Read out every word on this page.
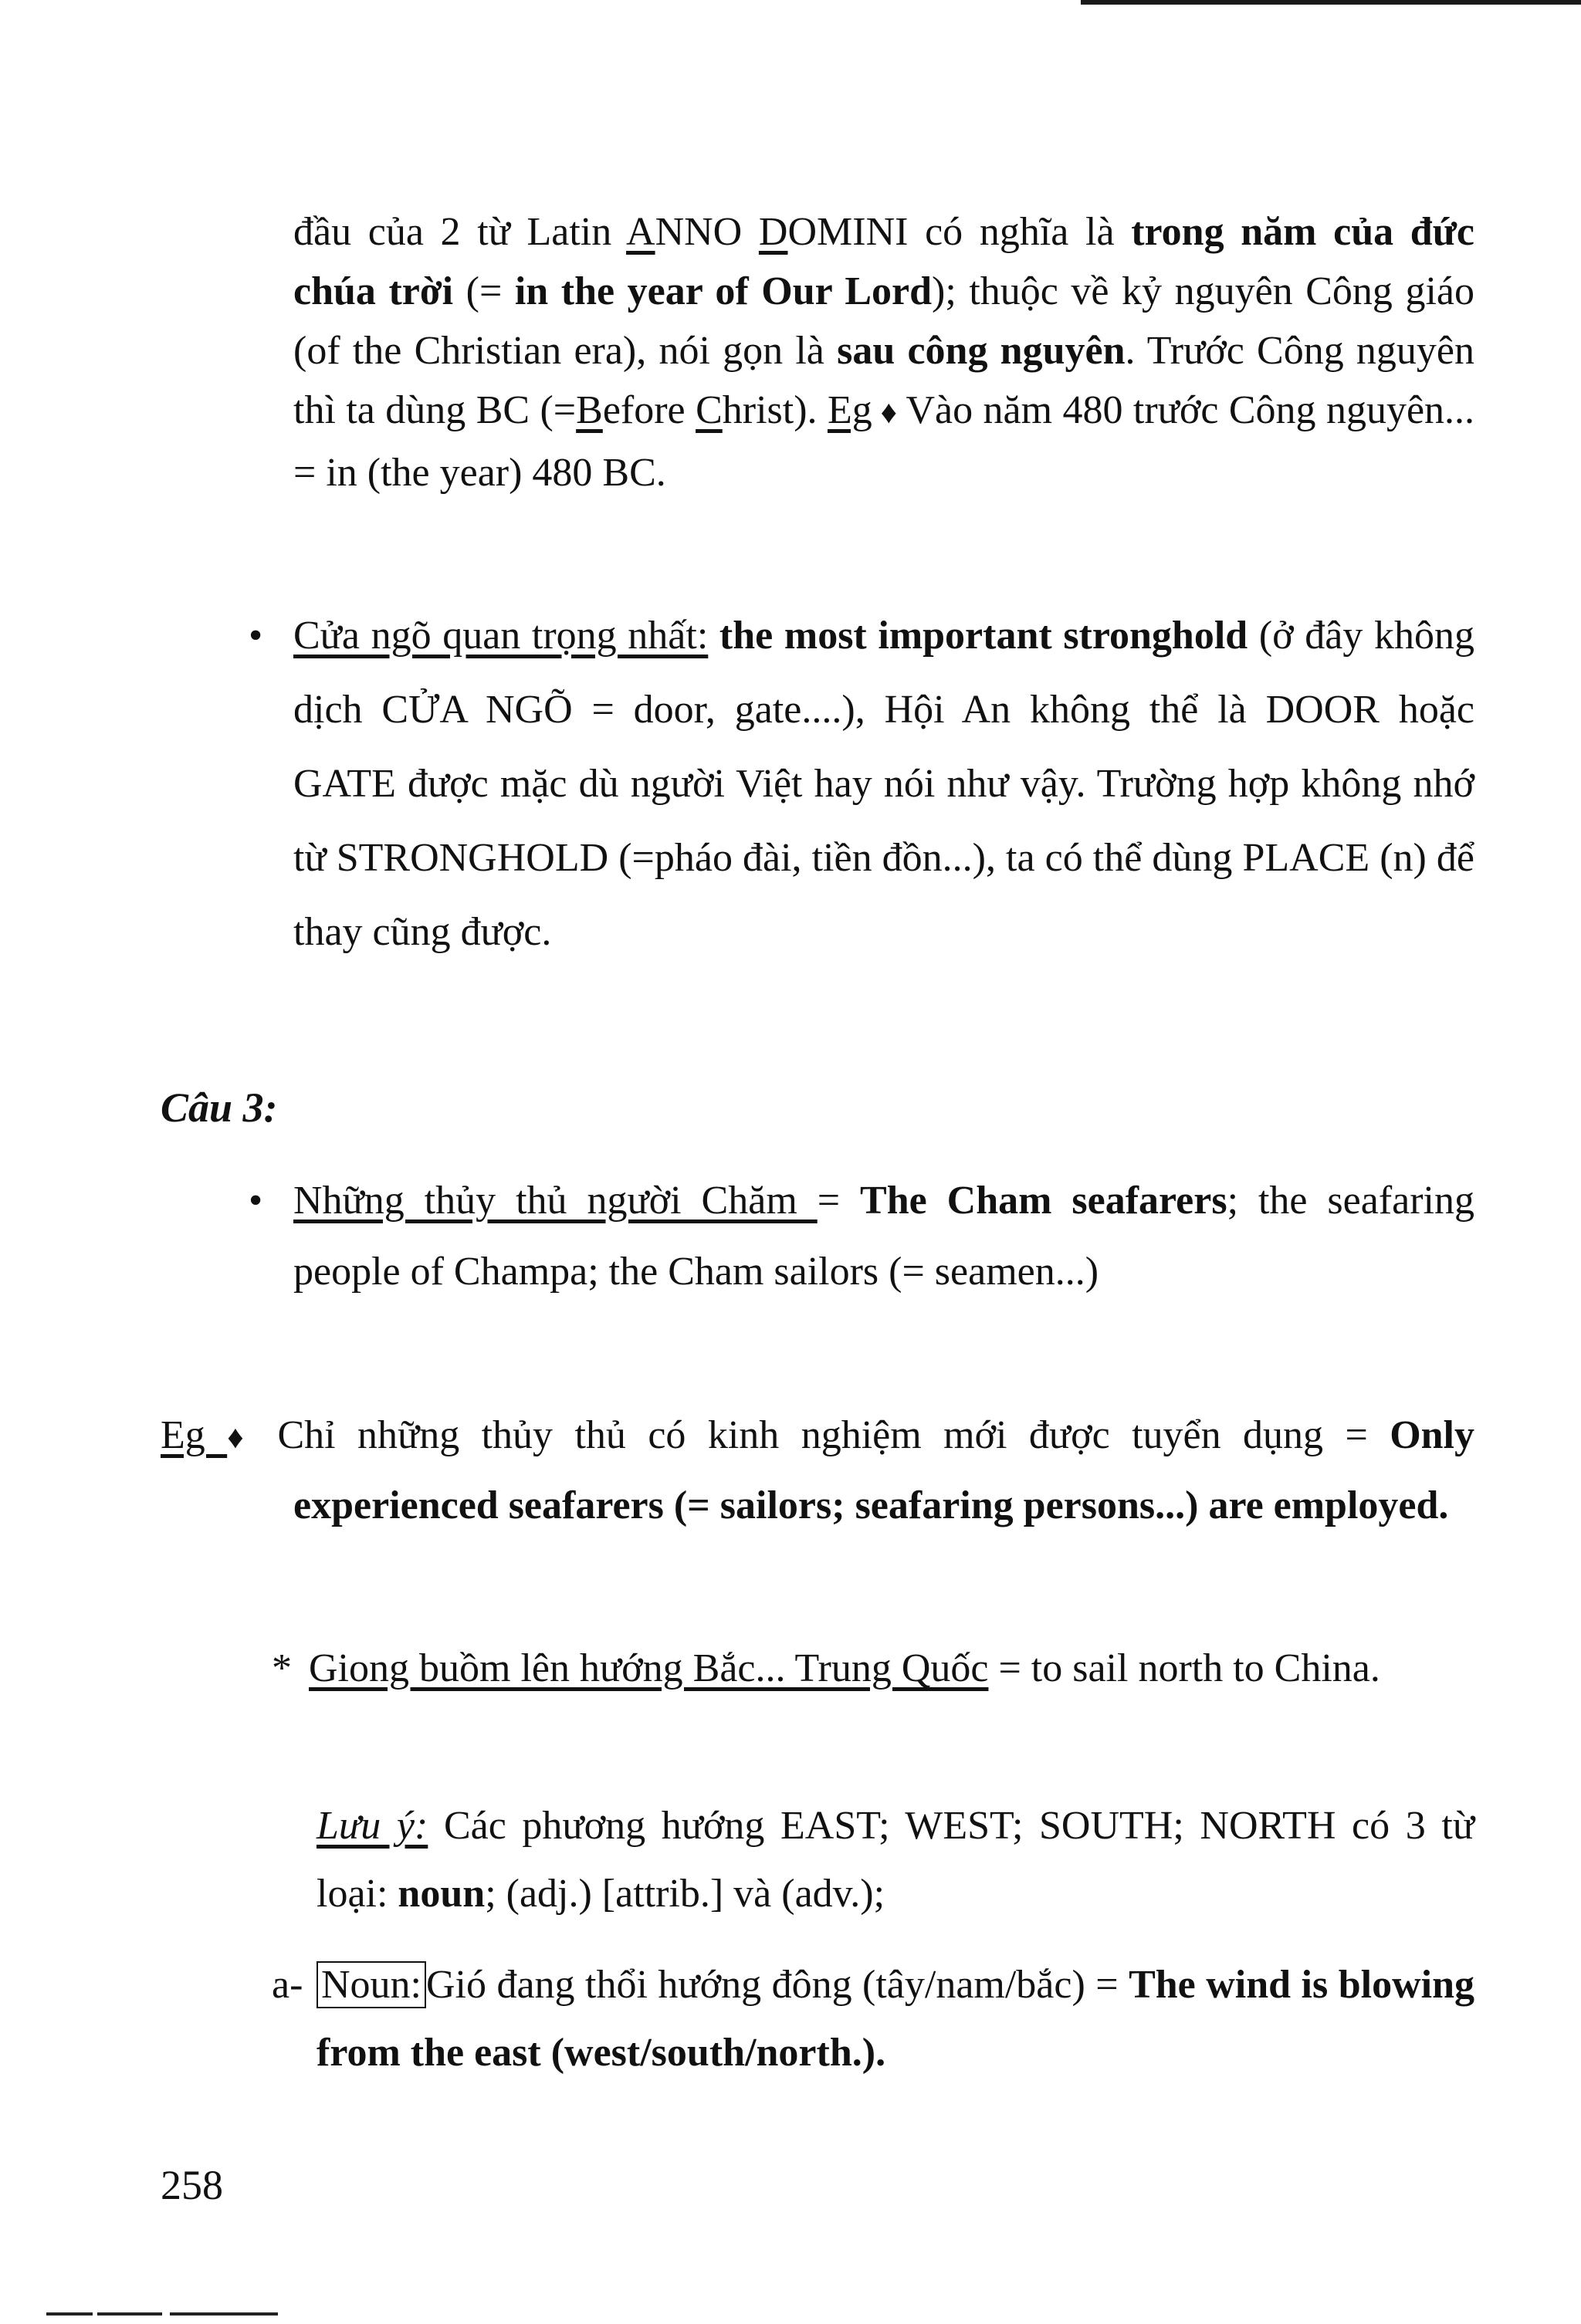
đầu của 2 từ Latin ANNO DOMINI có nghĩa là trong năm của đức chúa trời (= in the year of Our Lord); thuộc về kỷ nguyên Công giáo (of the Christian era), nói gọn là sau công nguyên. Trước Công nguyên thì ta dùng BC (=Before Christ). Eg ♦ Vào năm 480 trước Công nguyên... = in (the year) 480 BC.

• Cửa ngõ quan trọng nhất: the most important stronghold (ở đây không dịch CỬA NGÕ = door, gate....), Hội An không thể là DOOR hoặc GATE được mặc dù người Việt hay nói như vậy. Trường hợp không nhớ từ STRONGHOLD (=pháo đài, tiền đồn...), ta có thể dùng PLACE (n) để thay cũng được.

Câu 3:

• Những thủy thủ người Chăm = The Cham seafarers; the seafaring people of Champa; the Cham sailors (= seamen...)

Eg ♦ Chỉ những thủy thủ có kinh nghiệm mới được tuyển dụng = Only experienced seafarers (= sailors; seafaring persons...) are employed.

* Giong buồm lên hướng Bắc... Trung Quốc = to sail north to China.

Lưu ý: Các phương hướng EAST; WEST; SOUTH; NORTH có 3 từ loại: noun; (adj.) [attrib.] và (adv.);

a- Noun: Gió đang thổi hướng đông (tây/nam/bắc) = The wind is blowing from the east (west/south/north.).

258
